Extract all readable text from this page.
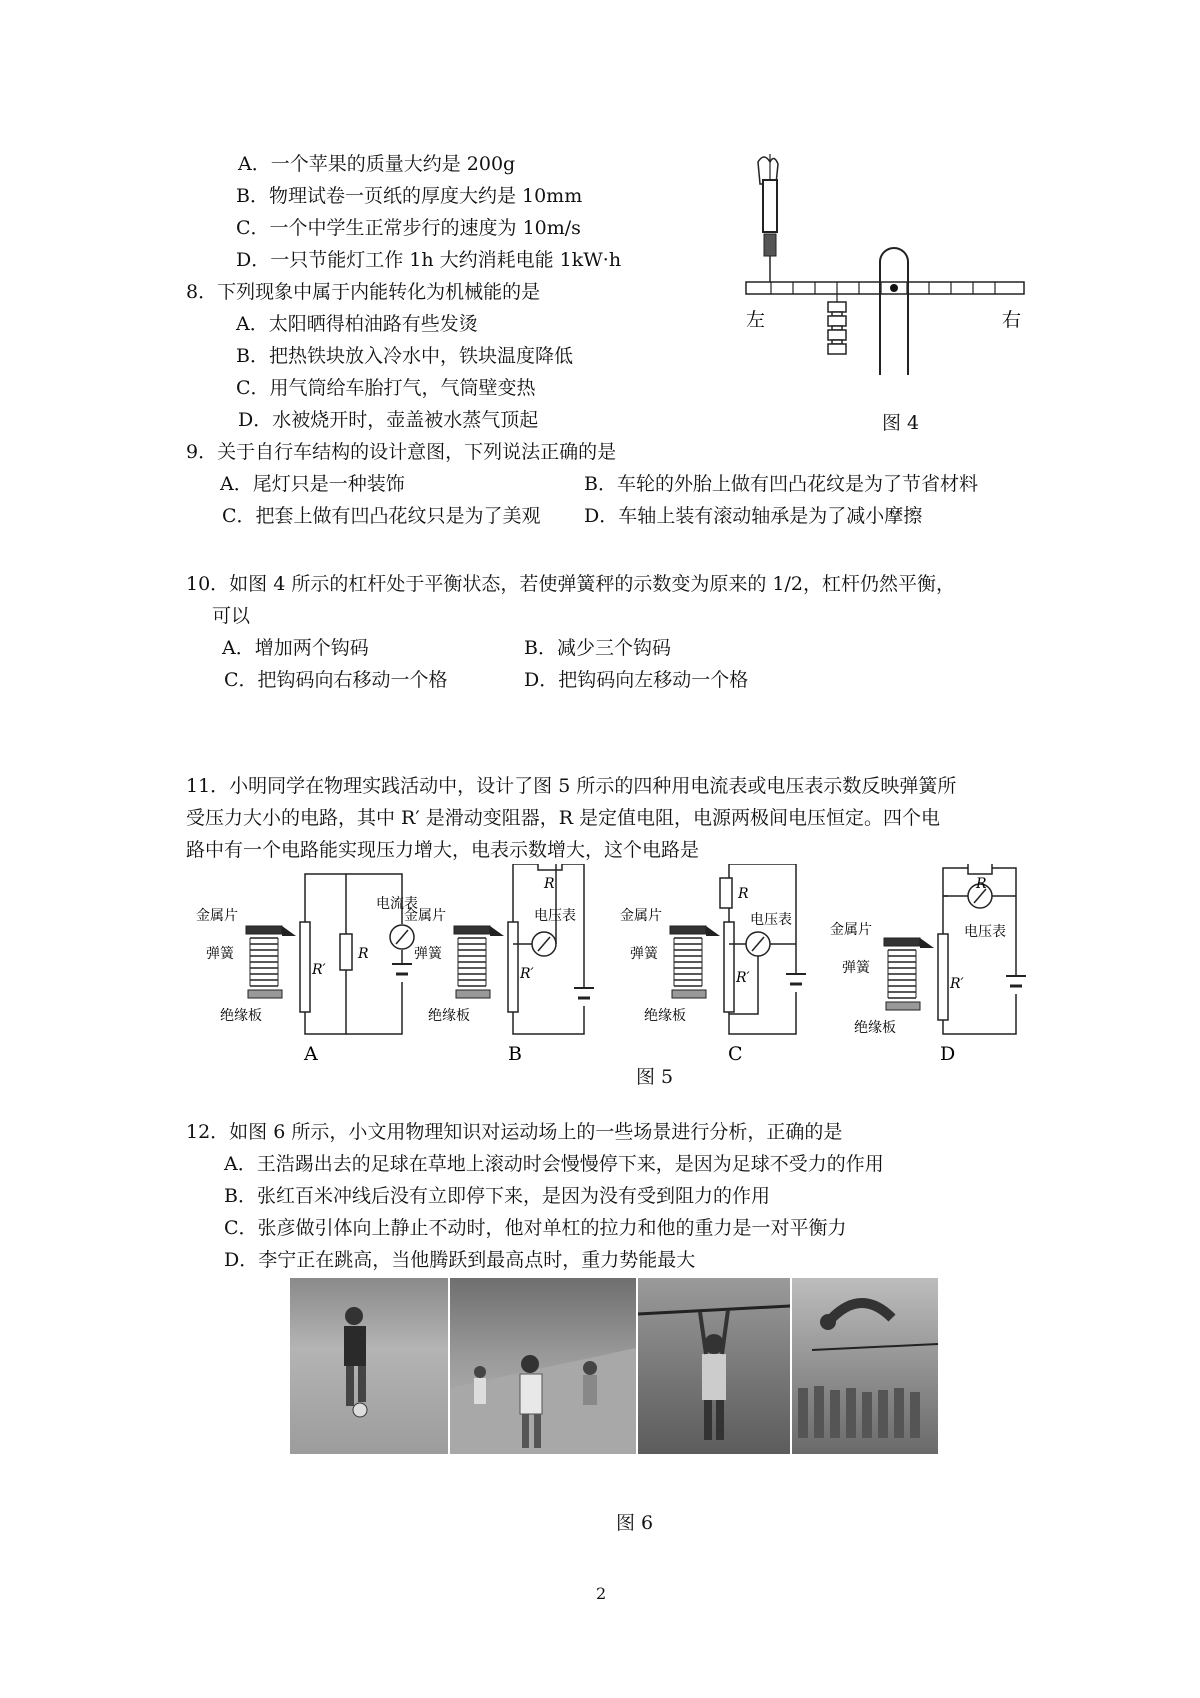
A．一个苹果的质量大约是 200g
B．物理试卷一页纸的厚度大约是 10mm
C．一个中学生正常步行的速度为 10m/s
D．一只节能灯工作 1h 大约消耗电能 1kW·h
8．下列现象中属于内能转化为机械能的是
A．太阳晒得柏油路有些发烫
B．把热铁块放入冷水中，铁块温度降低
C．用气筒给车胎打气，气筒壁变热
D．水被烧开时，壶盖被水蒸气顶起
左	右
图 4
9．关于自行车结构的设计意图，下列说法正确的是
A．尾灯只是一种装饰	B．车轮的外胎上做有凹凸花纹是为了节省材料
C．把套上做有凹凸花纹只是为了美观 D．车轴上装有滚动轴承是为了减小摩擦
10．如图 4 所示的杠杆处于平衡状态，若使弹簧秤的示数变为原来的 1/2，杠杆仍然平衡，
可以
A．增加两个钩码	B．减少三个钩码
C．把钩码向右移动一个格	D．把钩码向左移动一个格
11．小明同学在物理实践活动中，设计了图 5 所示的四种用电流表或电压表示数反映弹簧所
受压力大小的电路，其中 R′ 是滑动变阻器，R 是定值电阻，电源两极间电压恒定。四个电
路中有一个电路能实现压力增大，电表示数增大，这个电路是
电流表
R
R′
金属片
弹簧
绝缘板
A
R
电压表
R′
金属片
弹簧
绝缘板
B
R
电压表
R′
金属片
弹簧
绝缘板
C
R
电压表
R′
金属片
弹簧
绝缘板
D
图 5
12．如图 6 所示，小文用物理知识对运动场上的一些场景进行分析，正确的是
A．王浩踢出去的足球在草地上滚动时会慢慢停下来，是因为足球不受力的作用
B．张红百米冲线后没有立即停下来，是因为没有受到阻力的作用
C．张彦做引体向上静止不动时，他对单杠的拉力和他的重力是一对平衡力
D．李宁正在跳高，当他腾跃到最高点时，重力势能最大
图 6
2
